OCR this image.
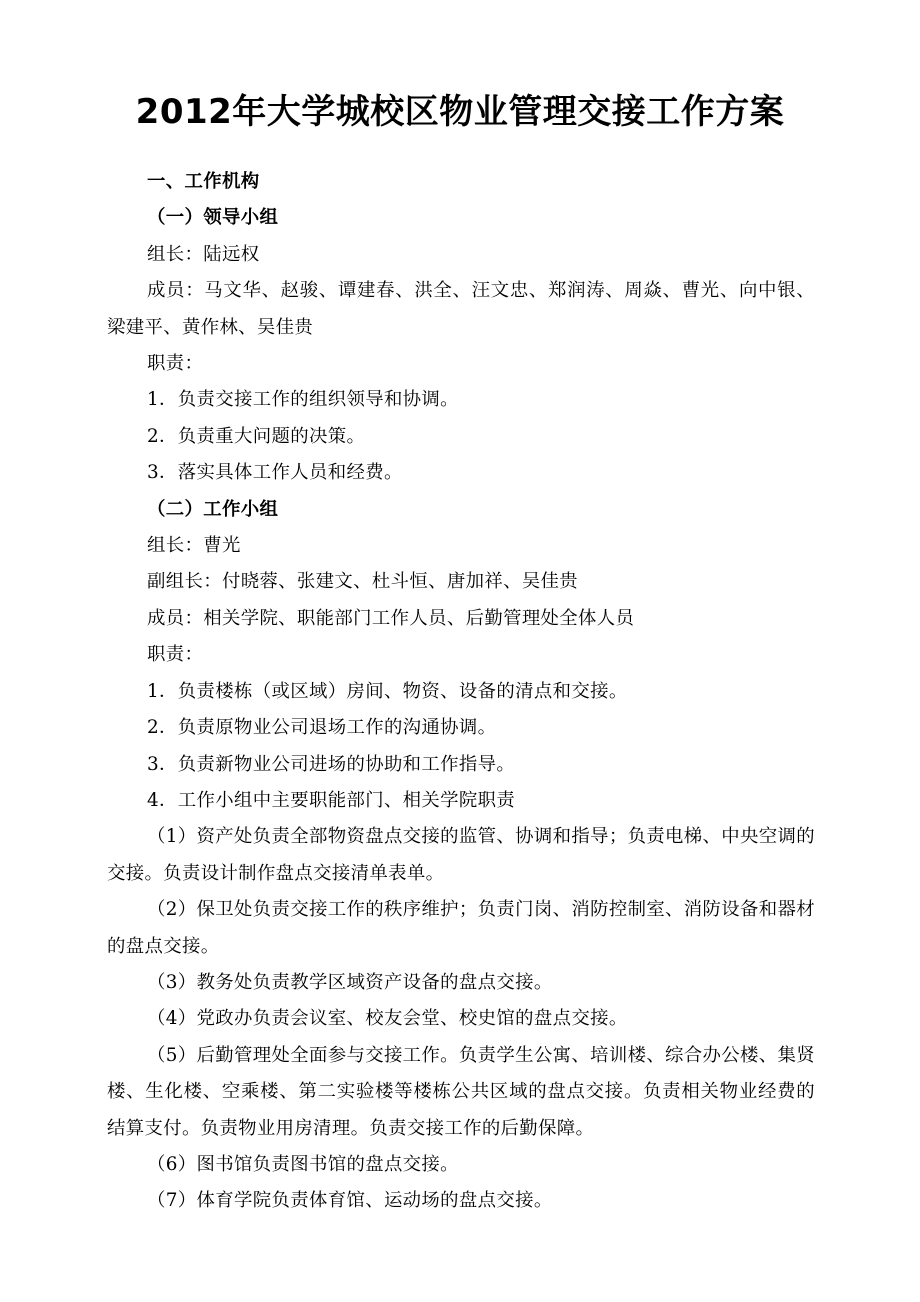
2012年大学城校区物业管理交接工作方案

一、工作机构

（一）领导小组

组长：陆远权

成员：马文华、赵骏、谭建春、洪全、汪文忠、郑润涛、周焱、曹光、向中银、梁建平、黄作林、吴佳贵

职责：

1．负责交接工作的组织领导和协调。

2．负责重大问题的决策。

3．落实具体工作人员和经费。

（二）工作小组

组长：曹光

副组长：付晓蓉、张建文、杜斗恒、唐加祥、吴佳贵

成员：相关学院、职能部门工作人员、后勤管理处全体人员

职责：

1．负责楼栋（或区域）房间、物资、设备的清点和交接。

2．负责原物业公司退场工作的沟通协调。

3．负责新物业公司进场的协助和工作指导。

4．工作小组中主要职能部门、相关学院职责

（1）资产处负责全部物资盘点交接的监管、协调和指导；负责电梯、中央空调的交接。负责设计制作盘点交接清单表单。

（2）保卫处负责交接工作的秩序维护；负责门岗、消防控制室、消防设备和器材的盘点交接。

（3）教务处负责教学区域资产设备的盘点交接。

（4）党政办负责会议室、校友会堂、校史馆的盘点交接。

（5）后勤管理处全面参与交接工作。负责学生公寓、培训楼、综合办公楼、集贤楼、生化楼、空乘楼、第二实验楼等楼栋公共区域的盘点交接。负责相关物业经费的结算支付。负责物业用房清理。负责交接工作的后勤保障。

（6）图书馆负责图书馆的盘点交接。

（7）体育学院负责体育馆、运动场的盘点交接。
